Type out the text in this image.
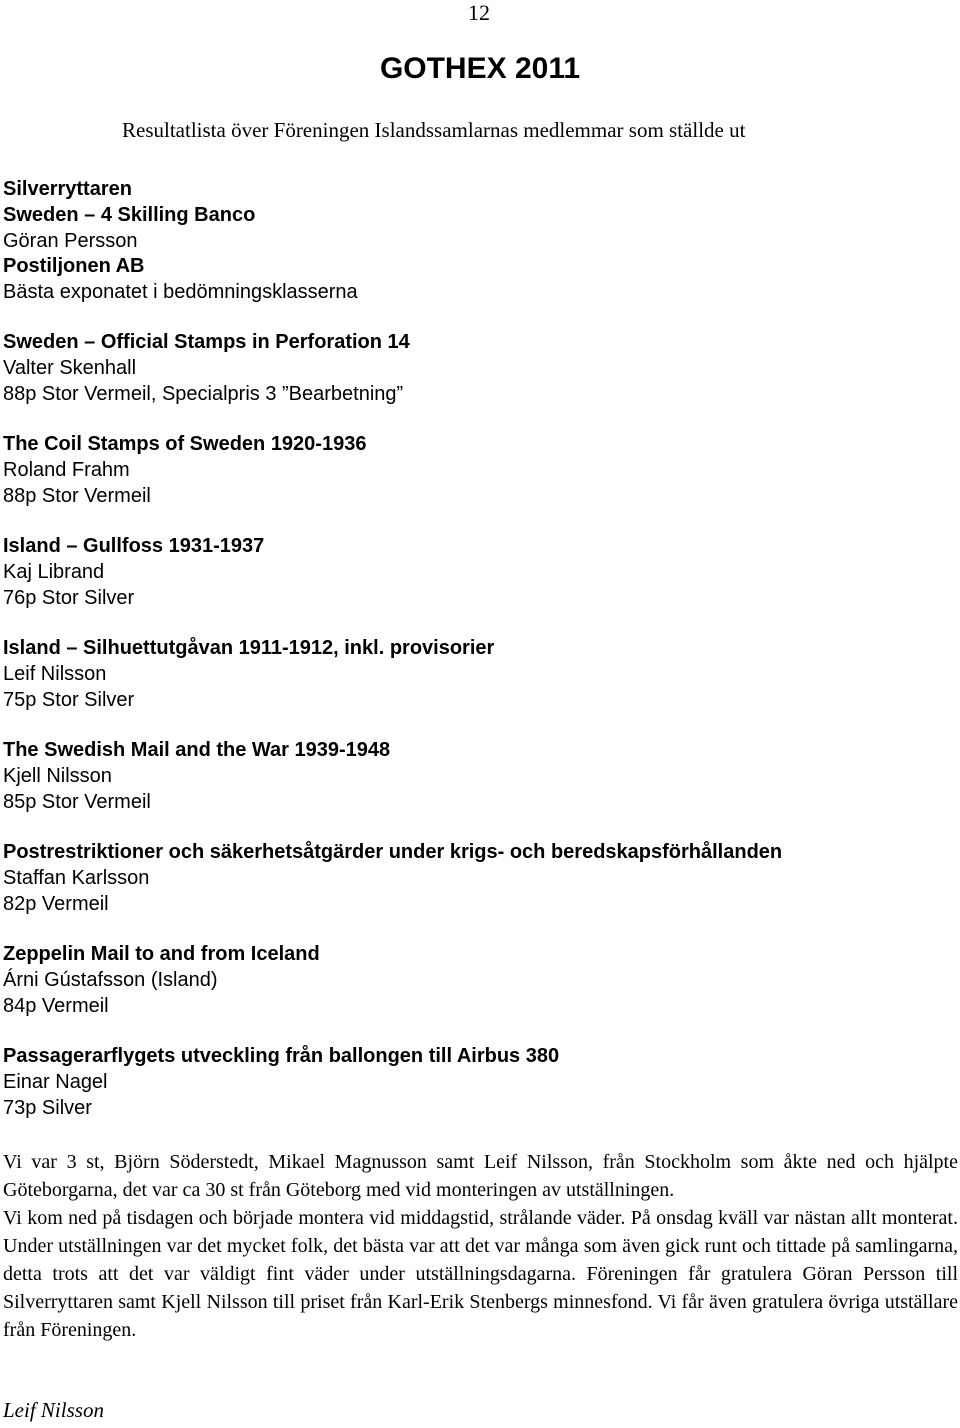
12
GOTHEX 2011
Resultatlista över Föreningen Islandssamlarnas medlemmar som ställde ut
Silverryttaren
Sweden – 4 Skilling Banco
Göran Persson
Postiljonen AB
Bästa exponatet i bedömningsklasserna
Sweden – Official Stamps in Perforation 14
Valter Skenhall
88p Stor Vermeil, Specialpris 3 ”Bearbetning”
The Coil Stamps of Sweden 1920-1936
Roland Frahm
88p Stor Vermeil
Island – Gullfoss 1931-1937
Kaj Librand
76p Stor Silver
Island – Silhuettutgåvan 1911-1912, inkl. provisorier
Leif Nilsson
75p Stor Silver
The Swedish Mail and the War 1939-1948
Kjell Nilsson
85p Stor Vermeil
Postrestriktioner och säkerhetsåtgärder under krigs- och beredskapsförhållanden
Staffan Karlsson
82p Vermeil
Zeppelin Mail to and from Iceland
Árni Gústafsson (Island)
84p Vermeil
Passagerarflygets utveckling från ballongen till Airbus 380
Einar Nagel
73p Silver

Vi var 3 st, Björn Söderstedt, Mikael Magnusson samt Leif Nilsson, från Stockholm som åkte ned och hjälpte Göteborgarna, det var ca 30 st från Göteborg med vid monteringen av utställningen.

Vi kom ned på tisdagen och började montera vid middagstid, strålande väder. På onsdag kväll var nästan allt monterat. Under utställningen var det mycket folk, det bästa var att det var många som även gick runt och tittade på samlingarna, detta trots att det var väldigt fint väder under utställningsdagarna. Föreningen får gratulera Göran Persson till Silverryttaren samt Kjell Nilsson till priset från Karl-Erik Stenbergs minnesfond. Vi får även gratulera övriga utställare från Föreningen.

Leif Nilsson
